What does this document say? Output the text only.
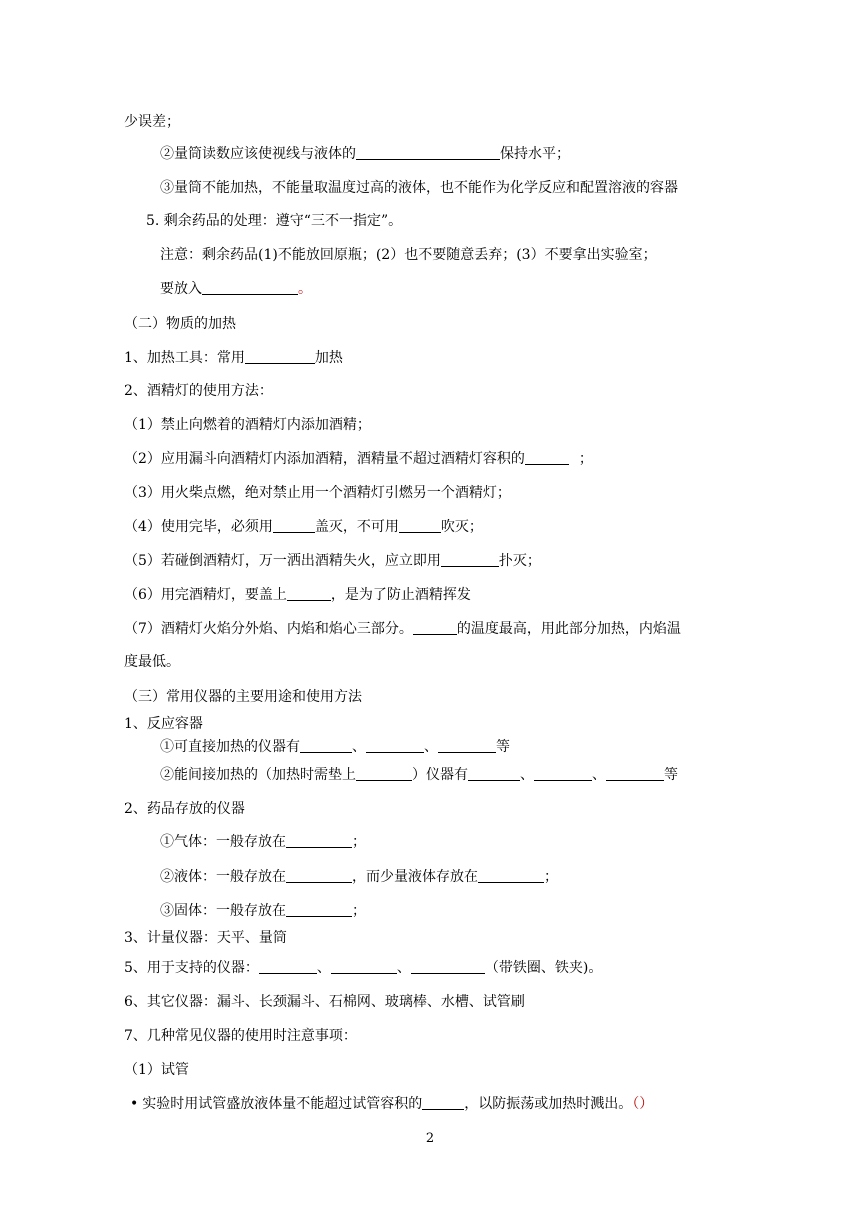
少误差；
②量筒读数应该使视线与液体的	保持水平；
③量筒不能加热，不能量取温度过高的液体，也不能作为化学反应和配置溶液的容器
5. 剩余药品的处理：遵守“三不一指定”。
注意：剩余药品(1)不能放回原瓶；(2）也不要随意丢弃；(3）不要拿出实验室；
要放入	。
（二）物质的加热
1、加热工具：常用	加热
2、酒精灯的使用方法：
（1）禁止向燃着的酒精灯内添加酒精；
（2）应用漏斗向酒精灯内添加酒精，酒精量不超过酒精灯容积的	；
（3）用火柴点燃，绝对禁止用一个酒精灯引燃另一个酒精灯；
（4）使用完毕，必须用	盖灭，不可用	吹灭；
（5）若碰倒酒精灯，万一洒出酒精失火，应立即用	扑灭；
（6）用完酒精灯，要盖上	，是为了防止酒精挥发
（7）酒精灯火焰分外焰、内焰和焰心三部分。	的温度最高，用此部分加热，内焰温
度最低。
（三）常用仪器的主要用途和使用方法
1、反应容器
①可直接加热的仪器有	、	、	等
②能间接加热的（加热时需垫上	）仪器有	、	、	等
2、药品存放的仪器
①气体：一般存放在	；
②液体：一般存放在	，而少量液体存放在	；
③固体：一般存放在	；
3、计量仪器：天平、量筒
5、用于支持的仪器：	、	、	（带铁圈、铁夹)。
6、其它仪器：漏斗、长颈漏斗、石棉网、玻璃棒、水槽、试管刷
7、几种常见仪器的使用时注意事项：
（1）试管
• 实验时用试管盛放液体量不能超过试管容积的	，以防振荡或加热时溅出。（）
2
